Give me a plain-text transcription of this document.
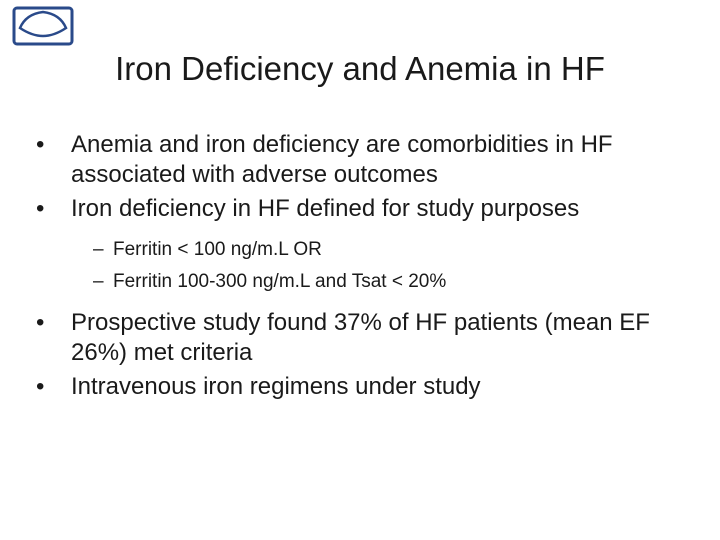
Iron Deficiency and Anemia in HF
•	Anemia and iron deficiency are comorbidities in HF associated with adverse outcomes
•	Iron deficiency in HF defined for study purposes
– Ferritin < 100 ng/m.L OR
– Ferritin 100-300 ng/m.L and Tsat < 20%
•	Prospective study found 37% of HF patients (mean EF 26%) met criteria
•	Intravenous iron regimens under study
